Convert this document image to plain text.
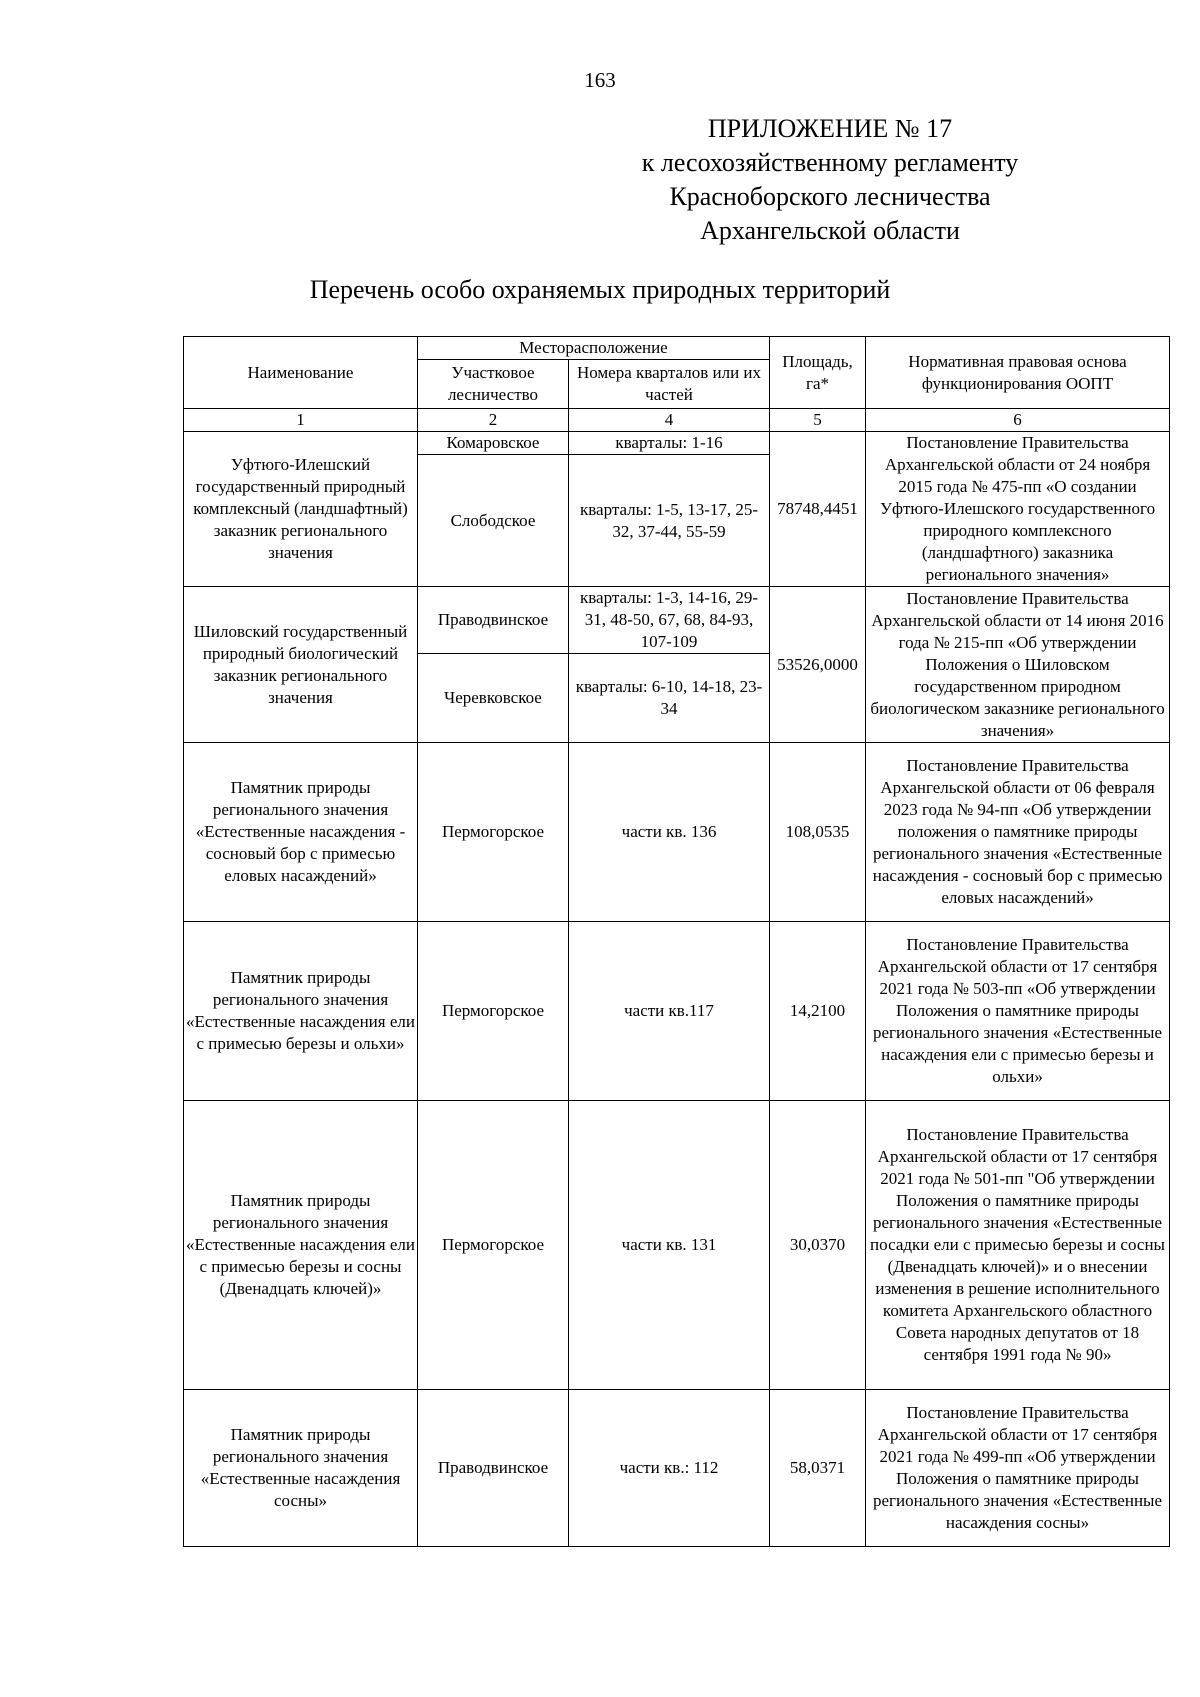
163
ПРИЛОЖЕНИЕ № 17
к лесохозяйственному регламенту
Красноборского лесничества
Архангельской области
Перечень особо охраняемых природных территорий
Наименование	Месторасположение		Площадь, га*	Нормативная правовая основа функционирования ООПТ
	Участковое лесничество	Номера кварталов или их частей		
1	2	4	5	6
Уфтюго-Илешский государственный природный комплексный (ландшафтный) заказник регионального значения	Комаровское	кварталы: 1-16	78748,4451	Постановление Правительства Архангельской области от 24 ноября 2015 года № 475-пп «О создании Уфтюго-Илешского государственного природного комплексного (ландшафтного) заказника регионального значения»
	Слободское	кварталы: 1-5, 13-17, 25-32, 37-44, 55-59		
Шиловский государственный природный биологический заказник регионального значения	Праводвинское	кварталы: 1-3, 14-16, 29-31, 48-50, 67, 68, 84-93, 107-109	53526,0000	Постановление Правительства Архангельской области от 14 июня 2016 года № 215-пп «Об утверждении Положения о Шиловском государственном природном биологическом заказнике регионального значения»
	Черевковское	кварталы: 6-10, 14-18, 23-34		
Памятник природы регионального значения «Естественные насаждения - сосновый бор с примесью еловых насаждений»	Пермогорское	части кв. 136	108,0535	Постановление Правительства Архангельской области от 06 февраля 2023 года № 94-пп «Об утверждении положения о памятнике природы регионального значения «Естественные насаждения - сосновый бор с примесью еловых насаждений»
Памятник природы регионального значения «Естественные насаждения ели с примесью березы и ольхи»	Пермогорское	части кв.117	14,2100	Постановление Правительства Архангельской области от 17 сентября 2021 года № 503-пп «Об утверждении Положения о памятнике природы регионального значения «Естественные насаждения ели с примесью березы и ольхи»
Памятник природы регионального значения «Естественные насаждения ели с примесью березы и сосны (Двенадцать ключей)»	Пермогорское	части кв. 131	30,0370	Постановление Правительства Архангельской области от 17 сентября 2021 года № 501-пп "Об утверждении Положения о памятнике природы регионального значения «Естественные посадки ели с примесью березы и сосны (Двенадцать ключей)» и о внесении изменения в решение исполнительного комитета Архангельского областного Совета народных депутатов от 18 сентября 1991 года № 90»
Памятник природы регионального значения «Естественные насаждения сосны»	Праводвинское	части кв.: 112	58,0371	Постановление Правительства Архангельской области от 17 сентября 2021 года № 499-пп «Об утверждении Положения о памятнике природы регионального значения «Естественные насаждения сосны»
